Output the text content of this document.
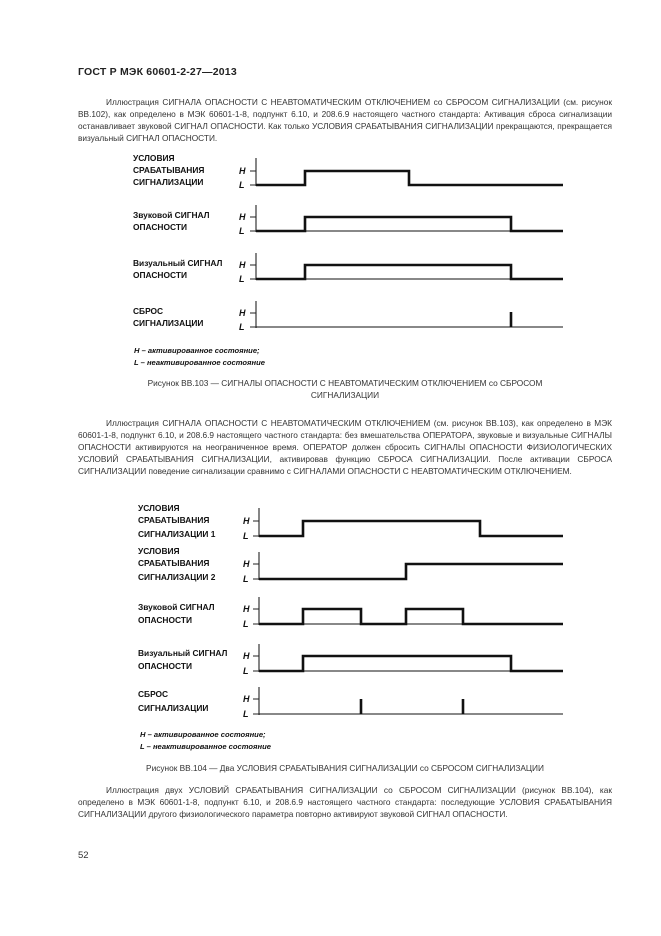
ГОСТ Р МЭК 60601-2-27—2013

Иллюстрация СИГНАЛА ОПАСНОСТИ С НЕАВТОМАТИЧЕСКИМ ОТКЛЮЧЕНИЕМ со СБРОСОМ СИГНАЛИЗАЦИИ (см. рисунок ВВ.102), как определено в МЭК 60601-1-8, подпункт 6.10, и 208.6.9 настоящего частного стандарта: Активация сброса сигнализации останавливает звуковой СИГНАЛ ОПАСНОСТИ. Как только УСЛОВИЯ СРАБАТЫВАНИЯ СИГНАЛИЗАЦИИ прекращаются, прекращается визуальный СИГНАЛ ОПАСНОСТИ.

УСЛОВИЯ
СРАБАТЫВАНИЯ
СИГНАЛИЗАЦИИ
H
L
Звуковой СИГНАЛ
ОПАСНОСТИ
H
L
Визуальный СИГНАЛ
ОПАСНОСТИ
H
L
СБРОС
СИГНАЛИЗАЦИИ
H
L
H – активированное состояние;
L – неактивированное состояние
Рисунок ВВ.103 — СИГНАЛЫ ОПАСНОСТИ С НЕАВТОМАТИЧЕСКИМ ОТКЛЮЧЕНИЕМ со СБРОСОМ
СИГНАЛИЗАЦИИ

Иллюстрация СИГНАЛА ОПАСНОСТИ С НЕАВТОМАТИЧЕСКИМ ОТКЛЮЧЕНИЕМ (см. рисунок ВВ.103), как определено в МЭК 60601-1-8, подпункт 6.10, и 208.6.9 настоящего частного стандарта: без вмешательства ОПЕРАТОРА, звуковые и визуальные СИГНАЛЫ ОПАСНОСТИ активируются на неограниченное время. ОПЕРАТОР должен сбросить СИГНАЛЫ ОПАСНОСТИ ФИЗИОЛОГИЧЕСКИХ УСЛОВИЙ СРАБАТЫВАНИЯ СИГНАЛИЗАЦИИ, активировав функцию СБРОСА СИГНАЛИЗАЦИИ. После активации СБРОСА СИГНАЛИЗАЦИИ поведение сигнализации сравнимо с СИГНАЛАМИ ОПАСНОСТИ С НЕАВТОМАТИЧЕСКИМ ОТКЛЮЧЕНИЕМ.

УСЛОВИЯ
СРАБАТЫВАНИЯ
СИГНАЛИЗАЦИИ 1
H
L
УСЛОВИЯ
СРАБАТЫВАНИЯ
СИГНАЛИЗАЦИИ 2
H
L
Звуковой СИГНАЛ
ОПАСНОСТИ
H
L
Визуальный СИГНАЛ
ОПАСНОСТИ
H
L
СБРОС
СИГНАЛИЗАЦИИ
H
L
H – активированное состояние;
L – неактивированное состояние
Рисунок ВВ.104 — Два УСЛОВИЯ СРАБАТЫВАНИЯ СИГНАЛИЗАЦИИ со СБРОСОМ СИГНАЛИЗАЦИИ

Иллюстрация двух УСЛОВИЙ СРАБАТЫВАНИЯ СИГНАЛИЗАЦИИ со СБРОСОМ СИГНАЛИЗАЦИИ (рисунок ВВ.104), как определено в МЭК 60601-1-8, подпункт 6.10, и 208.6.9 настоящего частного стандарта: последующие УСЛОВИЯ СРАБАТЫВАНИЯ СИГНАЛИЗАЦИИ другого физиологического параметра повторно активируют звуковой СИГНАЛ ОПАСНОСТИ.

52
